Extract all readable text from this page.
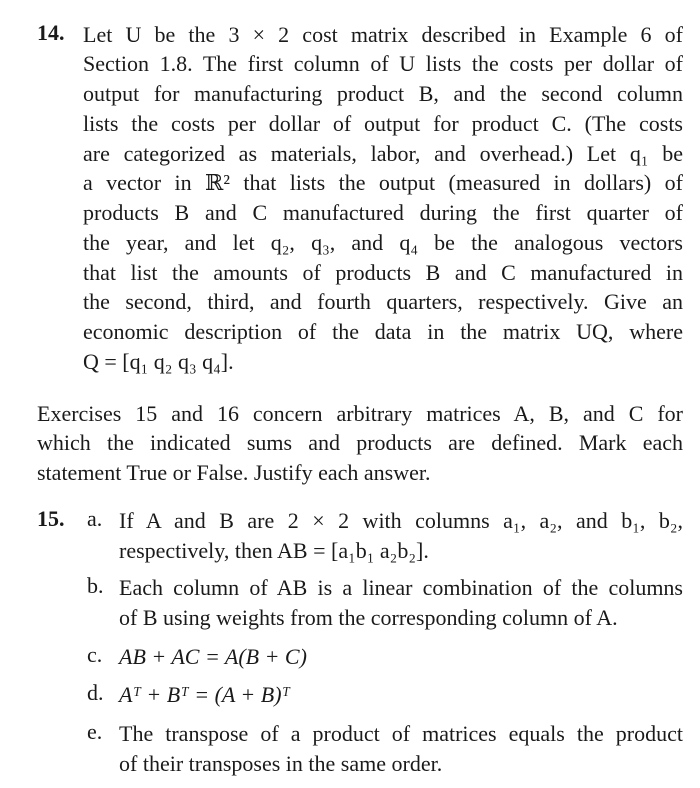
14. Let U be the 3 × 2 cost matrix described in Example 6 of
Section 1.8. The first column of U lists the costs per dollar of
output for manufacturing product B, and the second column
lists the costs per dollar of output for product C. (The costs
are categorized as materials, labor, and overhead.) Let q₁ be
a vector in ℝ² that lists the output (measured in dollars) of
products B and C manufactured during the first quarter of
the year, and let q₂, q₃, and q₄ be the analogous vectors
that list the amounts of products B and C manufactured in
the second, third, and fourth quarters, respectively. Give an
economic description of the data in the matrix UQ, where
Q = [q₁ q₂ q₃ q₄].
Exercises 15 and 16 concern arbitrary matrices A, B, and C for
which the indicated sums and products are defined. Mark each
statement True or False. Justify each answer.
15. a. If A and B are 2 × 2 with columns a₁, a₂, and b₁, b₂,
respectively, then AB = [a₁b₁ a₂b₂].
b. Each column of AB is a linear combination of the columns
of B using weights from the corresponding column of A.
c. AB + AC = A(B + C)
d. Aᵀ + Bᵀ = (A + B)ᵀ
e. The transpose of a product of matrices equals the product
of their transposes in the same order.
